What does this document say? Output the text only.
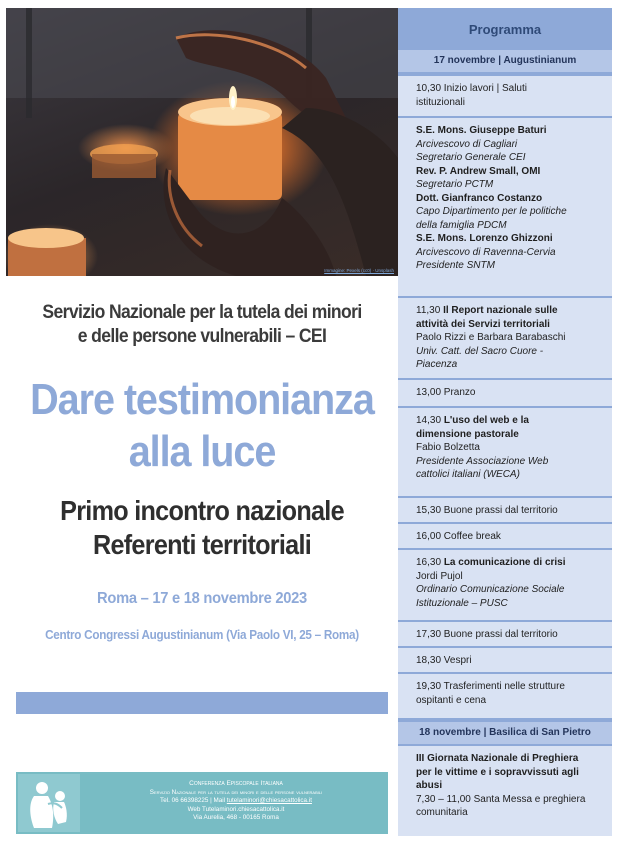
Immagine: Pexels (cc0) · Unsplash
Servizio Nazionale per la tutela dei minori
e delle persone vulnerabili – CEI
Dare testimonianza
alla luce
Primo incontro nazionale
Referenti territoriali
Roma – 17 e 18 novembre 2023
Centro Congressi Augustinianum (Via Paolo VI, 25 – Roma)
Conferenza Episcopale Italiana
Servizio Nazionale per la tutela dei minori e delle persone vulnerabili
Tel. 06 66398225 | Mail tutelaminori@chiesacattolica.it
Web Tutelaminori.chiesacattolica.it
Via Aurelia, 468 - 00165 Roma
Programma
17 novembre | Augustinianum
10,30 Inizio lavori | Saluti
istituzionali
S.E. Mons. Giuseppe Baturi
Arcivescovo di Cagliari
Segretario Generale CEI
Rev. P. Andrew Small, OMI
Segretario PCTM
Dott. Gianfranco Costanzo
Capo Dipartimento per le politiche
della famiglia PDCM
S.E. Mons. Lorenzo Ghizzoni
Arcivescovo di Ravenna-Cervia
Presidente SNTM
11,30 Il Report nazionale sulle
attività dei Servizi territoriali
Paolo Rizzi e Barbara Barabaschi
Univ. Catt. del Sacro Cuore -
Piacenza
13,00 Pranzo
14,30 L'uso del web e la
dimensione pastorale
Fabio Bolzetta
Presidente Associazione Web
cattolici italiani (WECA)
15,30 Buone prassi dal territorio
16,00 Coffee break
16,30 La comunicazione di crisi
Jordi Pujol
Ordinario Comunicazione Sociale
Istituzionale – PUSC
17,30 Buone prassi dal territorio
18,30 Vespri
19,30 Trasferimenti nelle strutture
ospitanti e cena
18 novembre | Basilica di San Pietro
III Giornata Nazionale di Preghiera
per le vittime e i sopravvissuti agli
abusi
7,30 – 11,00 Santa Messa e preghiera
comunitaria
